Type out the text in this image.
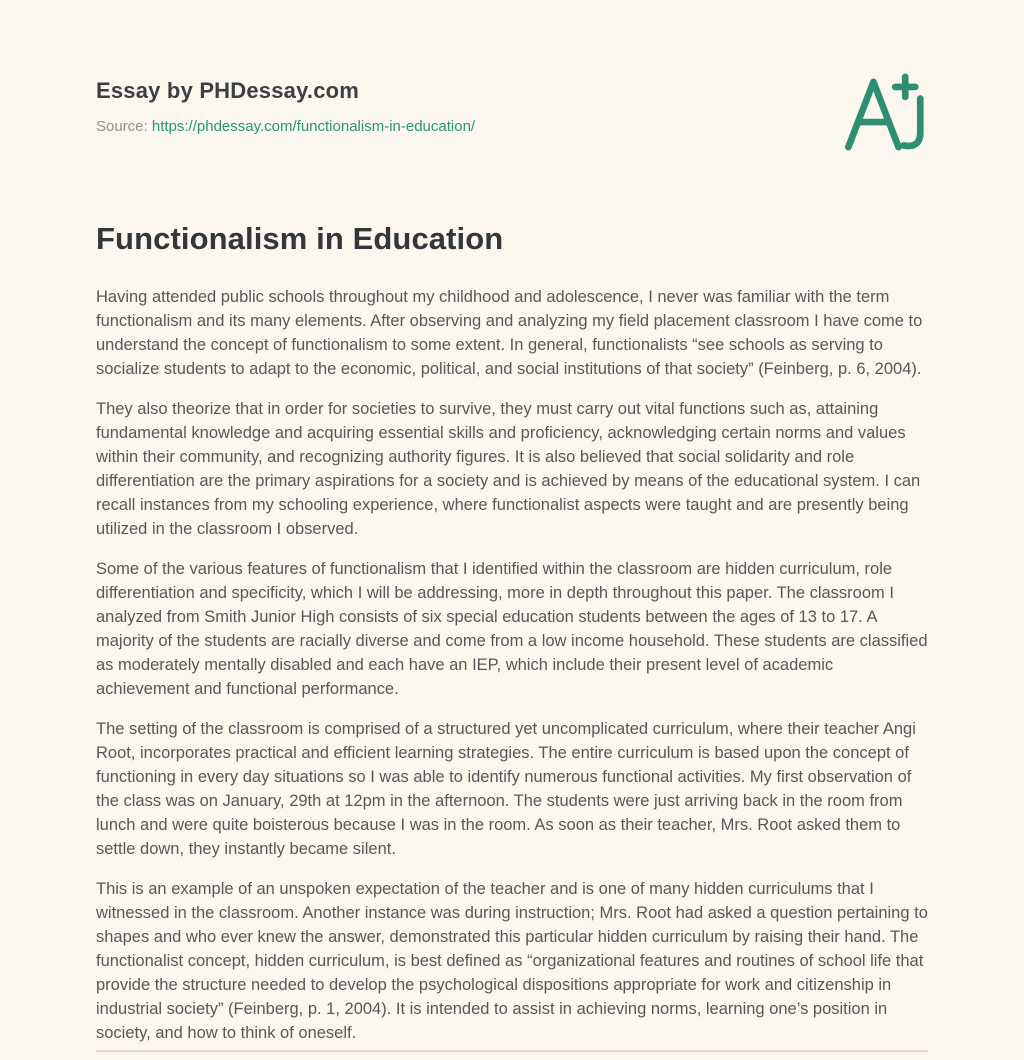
Essay by PHDessay.com
Source: https://phdessay.com/functionalism-in-education/
Functionalism in Education

Having attended public schools throughout my childhood and adolescence, I never was familiar with the term functionalism and its many elements. After observing and analyzing my field placement classroom I have come to understand the concept of functionalism to some extent. In general, functionalists “see schools as serving to socialize students to adapt to the economic, political, and social institutions of that society” (Feinberg, p. 6, 2004).

They also theorize that in order for societies to survive, they must carry out vital functions such as, attaining fundamental knowledge and acquiring essential skills and proficiency, acknowledging certain norms and values within their community, and recognizing authority figures. It is also believed that social solidarity and role differentiation are the primary aspirations for a society and is achieved by means of the educational system. I can recall instances from my schooling experience, where functionalist aspects were taught and are presently being utilized in the classroom I observed.

Some of the various features of functionalism that I identified within the classroom are hidden curriculum, role differentiation and specificity, which I will be addressing, more in depth throughout this paper. The classroom I analyzed from Smith Junior High consists of six special education students between the ages of 13 to 17. A majority of the students are racially diverse and come from a low income household. These students are classified as moderately mentally disabled and each have an IEP, which include their present level of academic achievement and functional performance.

The setting of the classroom is comprised of a structured yet uncomplicated curriculum, where their teacher Angi Root, incorporates practical and efficient learning strategies. The entire curriculum is based upon the concept of functioning in every day situations so I was able to identify numerous functional activities. My first observation of the class was on January, 29th at 12pm in the afternoon. The students were just arriving back in the room from lunch and were quite boisterous because I was in the room. As soon as their teacher, Mrs. Root asked them to settle down, they instantly became silent.

This is an example of an unspoken expectation of the teacher and is one of many hidden curriculums that I witnessed in the classroom. Another instance was during instruction; Mrs. Root had asked a question pertaining to shapes and who ever knew the answer, demonstrated this particular hidden curriculum by raising their hand. The functionalist concept, hidden curriculum, is best defined as “organizational features and routines of school life that provide the structure needed to develop the psychological dispositions appropriate for work and citizenship in industrial society” (Feinberg, p. 1, 2004). It is intended to assist in achieving norms, learning one’s position in society, and how to think of oneself.
